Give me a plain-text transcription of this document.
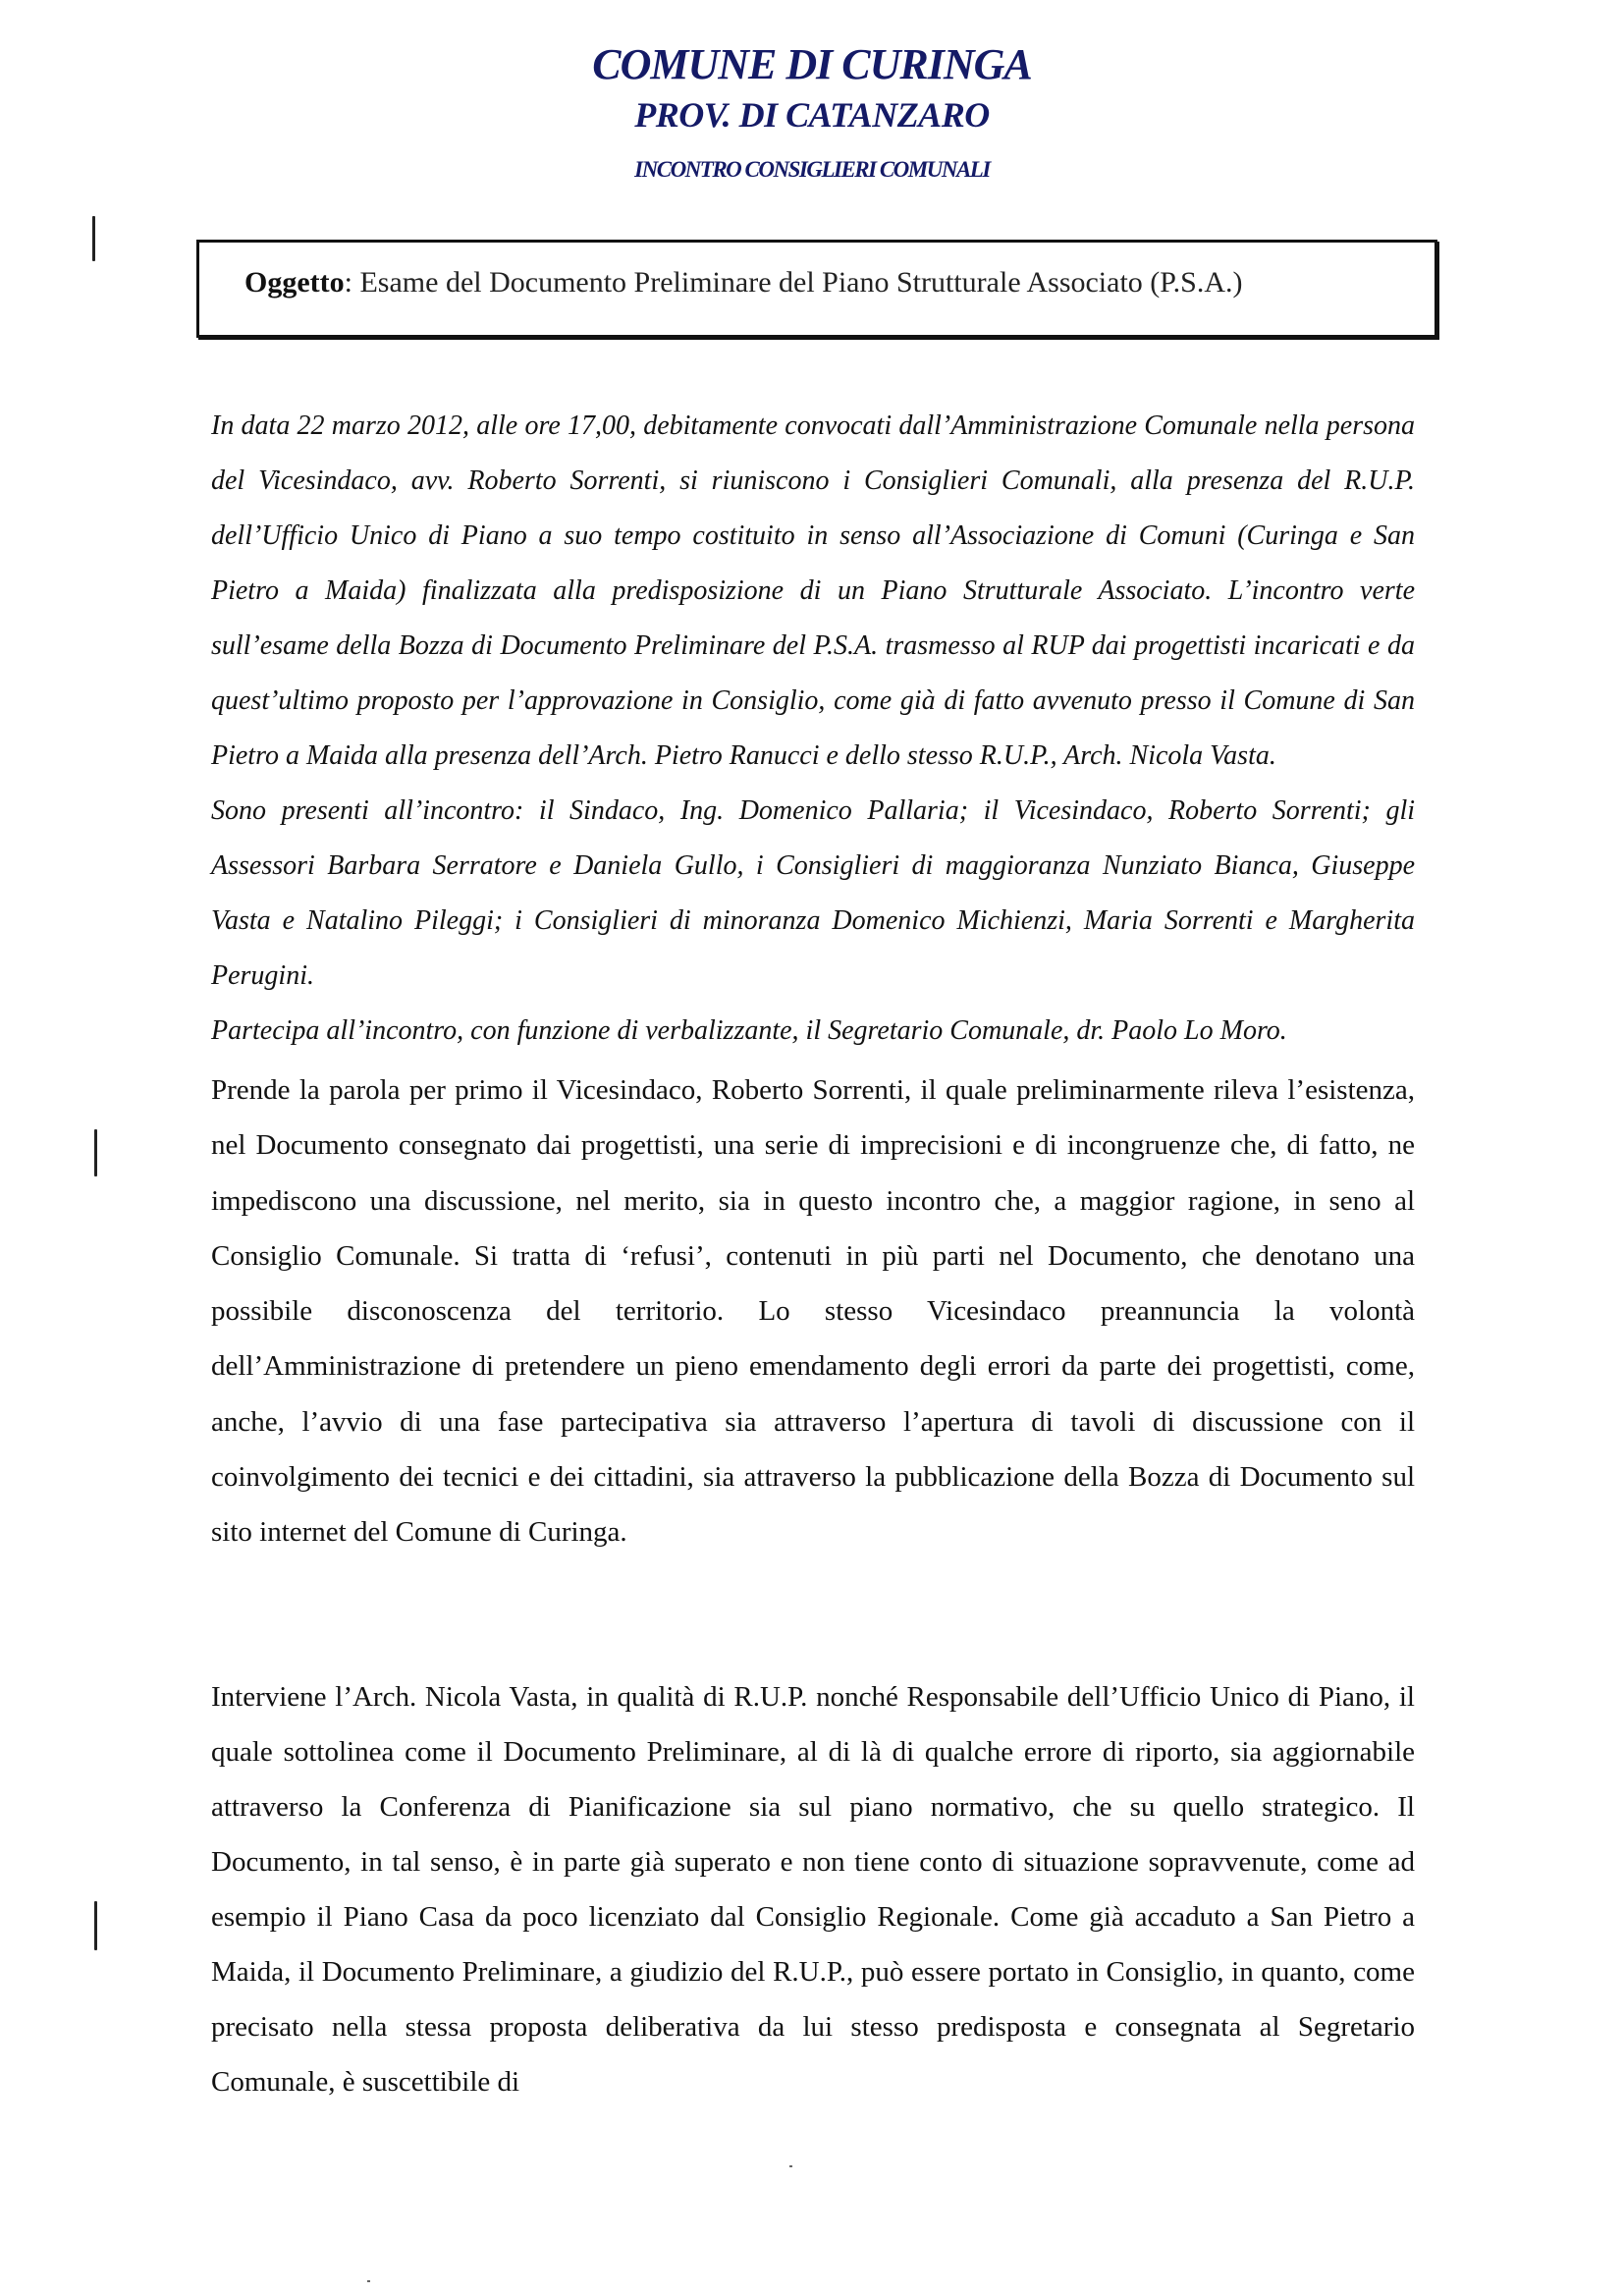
COMUNE DI CURINGA
PROV. DI CATANZARO
INCONTRO CONSIGLIERI COMUNALI
Oggetto: Esame del Documento Preliminare del Piano Strutturale Associato (P.S.A.)

In data 22 marzo 2012, alle ore 17,00, debitamente convocati dall’Amministrazione Comunale nella persona del Vicesindaco, avv. Roberto Sorrenti, si riuniscono i Consiglieri Comunali, alla presenza del R.U.P. dell’Ufficio Unico di Piano a suo tempo costituito in senso all’Associazione di Comuni (Curinga e San Pietro a Maida) finalizzata alla predisposizione di un Piano Strutturale Associato. L’incontro verte sull’esame della Bozza di Documento Preliminare del P.S.A. trasmesso al RUP dai progettisti incaricati e da quest’ultimo proposto per l’approvazione in Consiglio, come già di fatto avvenuto presso il Comune di San Pietro a Maida alla presenza dell’Arch. Pietro Ranucci e dello stesso R.U.P., Arch. Nicola Vasta.

Sono presenti all’incontro: il Sindaco, Ing. Domenico Pallaria; il Vicesindaco, Roberto Sorrenti; gli Assessori Barbara Serratore e Daniela Gullo, i Consiglieri di maggioranza Nunziato Bianca, Giuseppe Vasta e Natalino Pileggi; i Consiglieri di minoranza Domenico Michienzi, Maria Sorrenti e Margherita Perugini.

Partecipa all’incontro, con funzione di verbalizzante, il Segretario Comunale, dr. Paolo Lo Moro.

Prende la parola per primo il Vicesindaco, Roberto Sorrenti, il quale preliminarmente rileva l’esistenza, nel Documento consegnato dai progettisti, una serie di imprecisioni e di incongruenze che, di fatto, ne impediscono una discussione, nel merito, sia in questo incontro che, a maggior ragione, in seno al Consiglio Comunale. Si tratta di ‘refusi’, contenuti in più parti nel Documento, che denotano una possibile disconoscenza del territorio. Lo stesso Vicesindaco preannuncia la volontà dell’Amministrazione di pretendere un pieno emendamento degli errori da parte dei progettisti, come, anche, l’avvio di una fase partecipativa sia attraverso l’apertura di tavoli di discussione con il coinvolgimento dei tecnici e dei cittadini, sia attraverso la pubblicazione della Bozza di Documento sul sito internet del Comune di Curinga.

Interviene l’Arch. Nicola Vasta, in qualità di R.U.P. nonché Responsabile dell’Ufficio Unico di Piano, il quale sottolinea come il Documento Preliminare, al di là di qualche errore di riporto, sia aggiornabile attraverso la Conferenza di Pianificazione sia sul piano normativo, che su quello strategico. Il Documento, in tal senso, è in parte già superato e non tiene conto di situazione sopravvenute, come ad esempio il Piano Casa da poco licenziato dal Consiglio Regionale. Come già accaduto a San Pietro a Maida, il Documento Preliminare, a giudizio del R.U.P., può essere portato in Consiglio, in quanto, come precisato nella stessa proposta deliberativa da lui stesso predisposta e consegnata al Segretario Comunale, è suscettibile di
